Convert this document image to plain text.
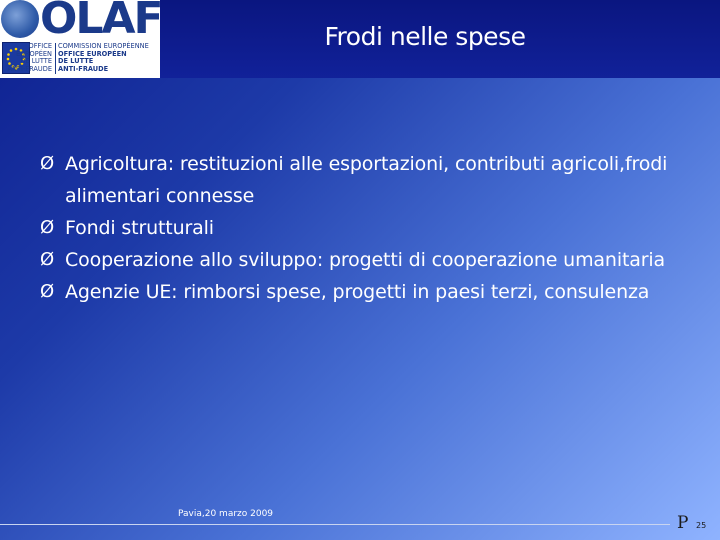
OLAF
OFFICE
EUROPÉEN
DE LUTTE
ANTI-FRAUDE
COMMISSION EUROPÉENNE
OFFICE EUROPÉEN
DE LUTTE
ANTI-FRAUDE
Frodi nelle spese
Ø Agricoltura: restituzioni alle esportazioni, contributi agricoli,frodi alimentari connesse
Ø Fondi strutturali
Ø Cooperazione allo sviluppo: progetti di cooperazione umanitaria
Ø Agenzie UE: rimborsi spese, progetti in paesi terzi, consulenza
Pavia,20 marzo 2009	P 25
